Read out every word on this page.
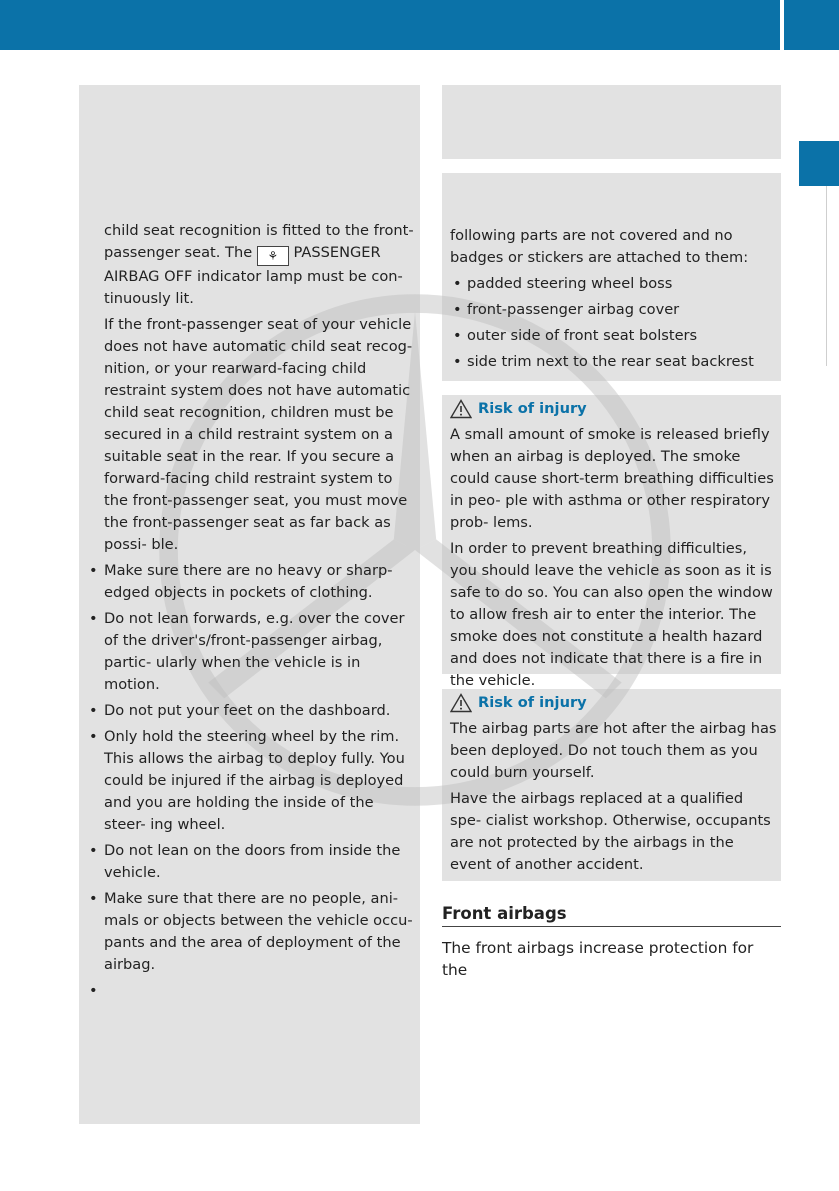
child seat recognition is fitted to the front- passenger seat. The ⚘ PASSENGER AIRBAG OFF indicator lamp must be con- tinuously lit.

If the front-passenger seat of your vehicle does not have automatic child seat recog- nition, or your rearward-facing child restraint system does not have automatic child seat recognition, children must be secured in a child restraint system on a suitable seat in the rear. If you secure a forward-facing child restraint system to the front-passenger seat, you must move the front-passenger seat as far back as possi- ble.

• Make sure there are no heavy or sharp- edged objects in pockets of clothing.
• Do not lean forwards, e.g. over the cover of the driver's/front-passenger airbag, partic- ularly when the vehicle is in motion.
• Do not put your feet on the dashboard.
• Only hold the steering wheel by the rim. This allows the airbag to deploy fully. You could be injured if the airbag is deployed and you are holding the inside of the steer- ing wheel.
• Do not lean on the doors from inside the vehicle.
• Make sure that there are no people, ani- mals or objects between the vehicle occu- pants and the area of deployment of the airbag.
•

following parts are not covered and no badges or stickers are attached to them:

• padded steering wheel boss
• front-passenger airbag cover
• outer side of front seat bolsters
• side trim next to the rear seat backrest
Risk of injury

A small amount of smoke is released briefly when an airbag is deployed. The smoke could cause short-term breathing difficulties in peo- ple with asthma or other respiratory prob- lems.

In order to prevent breathing difficulties, you should leave the vehicle as soon as it is safe to do so. You can also open the window to allow fresh air to enter the interior. The smoke does not constitute a health hazard and does not indicate that there is a fire in the vehicle.

Risk of injury

The airbag parts are hot after the airbag has been deployed. Do not touch them as you could burn yourself.

Have the airbags replaced at a qualified spe- cialist workshop. Otherwise, occupants are not protected by the airbags in the event of another accident.

Front airbags
The front airbags increase protection for the
